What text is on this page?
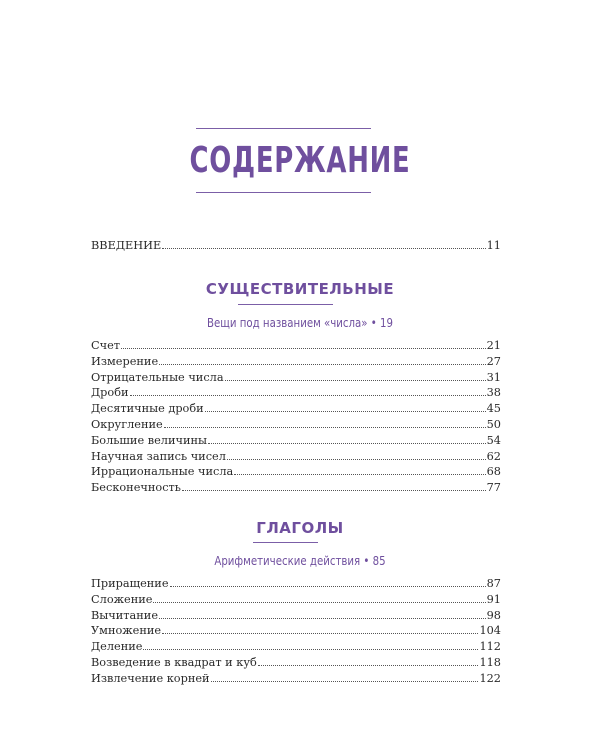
СОДЕРЖАНИЕ
ВВЕДЕНИЕ	11
СУЩЕСТВИТЕЛЬНЫЕ
Вещи под названием «числа» • 19
Счет	21
Измерение	27
Отрицательные числа	31
Дроби	38
Десятичные дроби	45
Округление	50
Большие величины	54
Научная запись чисел	62
Иррациональные числа	68
Бесконечность	77
ГЛАГОЛЫ
Арифметические действия • 85
Приращение	87
Сложение	91
Вычитание	98
Умножение	104
Деление	112
Возведение в квадрат и куб	118
Извлечение корней	122
